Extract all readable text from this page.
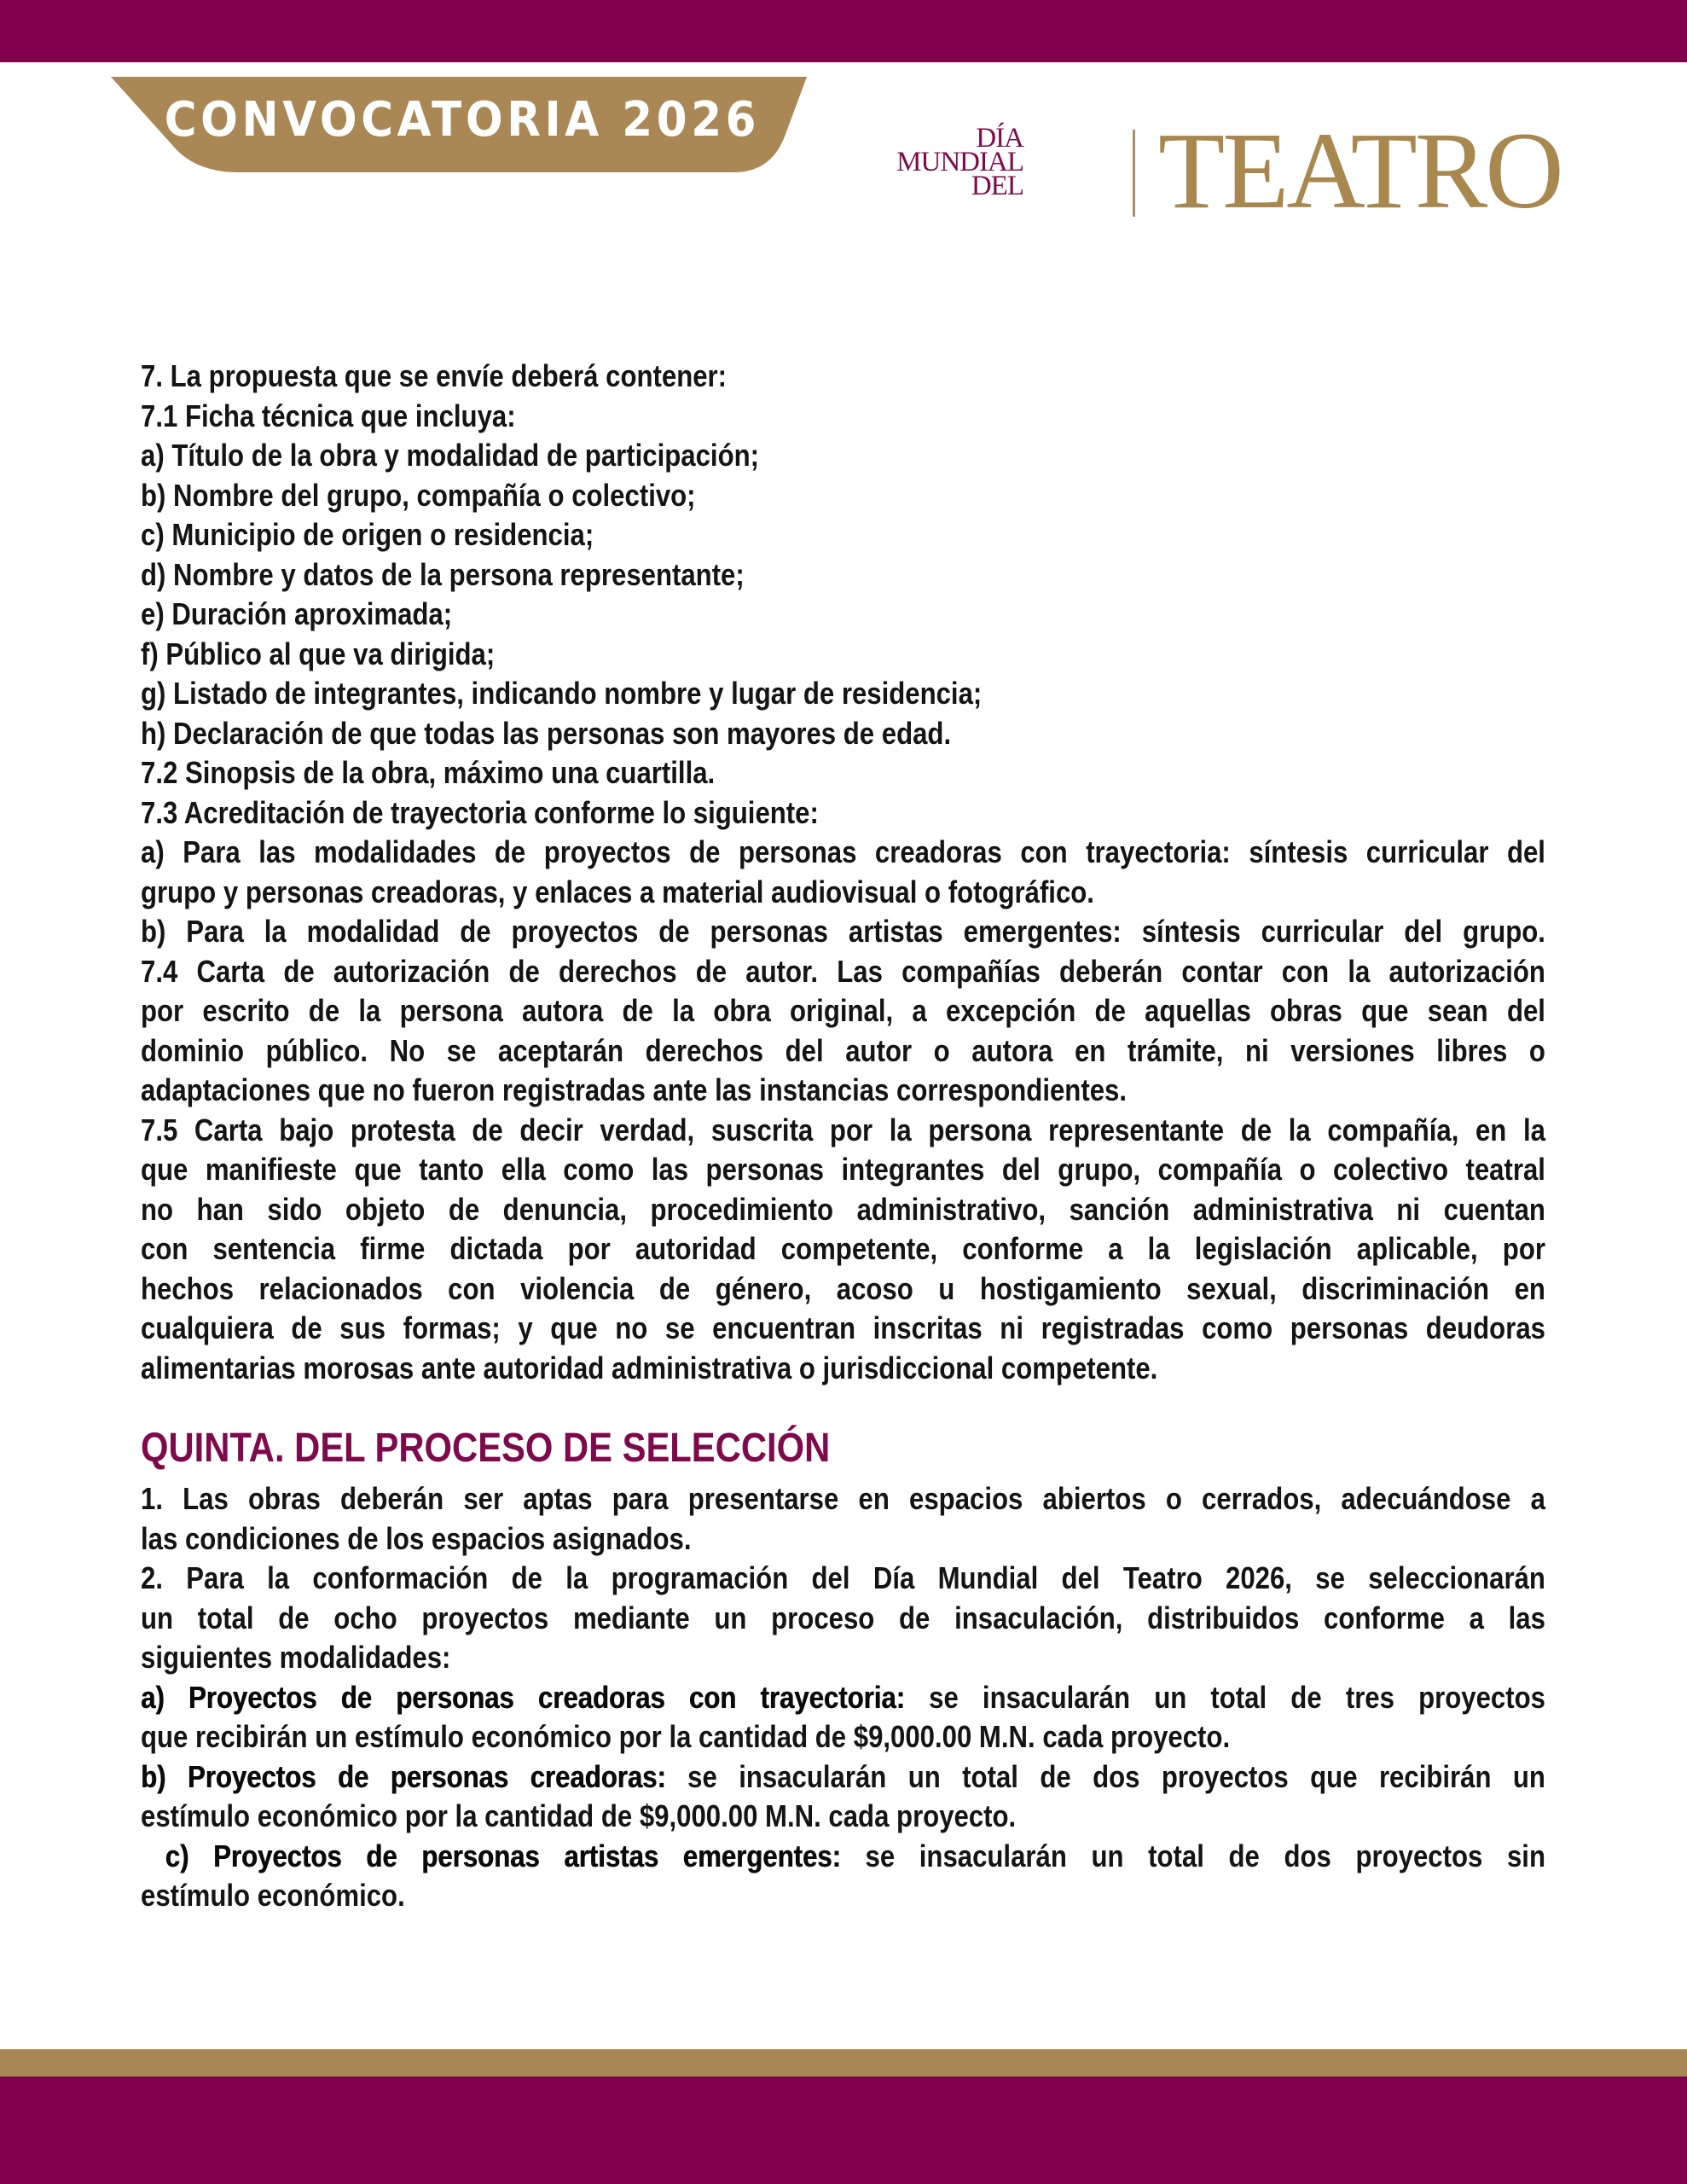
CONVOCATORIA 2026	DÍA
MUNDIAL
DEL TEATRO
7. La propuesta que se envíe deberá contener:
7.1 Ficha técnica que incluya:
a) Título de la obra y modalidad de participación;
b) Nombre del grupo, compañía o colectivo;
c) Municipio de origen o residencia;
d) Nombre y datos de la persona representante;
e) Duración aproximada;
f) Público al que va dirigida;
g) Listado de integrantes, indicando nombre y lugar de residencia;
h) Declaración de que todas las personas son mayores de edad.
7.2 Sinopsis de la obra, máximo una cuartilla.
7.3 Acreditación de trayectoria conforme lo siguiente:
a) Para las modalidades de proyectos de personas creadoras con trayectoria: síntesis curricular del
grupo y personas creadoras, y enlaces a material audiovisual o fotográfico.
b) Para la modalidad de proyectos de personas artistas emergentes: síntesis curricular del grupo.
7.4 Carta de autorización de derechos de autor. Las compañías deberán contar con la autorización
por escrito de la persona autora de la obra original, a excepción de aquellas obras que sean del
dominio público. No se aceptarán derechos del autor o autora en trámite, ni versiones libres o
adaptaciones que no fueron registradas ante las instancias correspondientes.
7.5 Carta bajo protesta de decir verdad, suscrita por la persona representante de la compañía, en la
que manifieste que tanto ella como las personas integrantes del grupo, compañía o colectivo teatral
no han sido objeto de denuncia, procedimiento administrativo, sanción administrativa ni cuentan
con sentencia firme dictada por autoridad competente, conforme a la legislación aplicable, por
hechos relacionados con violencia de género, acoso u hostigamiento sexual, discriminación en
cualquiera de sus formas; y que no se encuentran inscritas ni registradas como personas deudoras
alimentarias morosas ante autoridad administrativa o jurisdiccional competente.
QUINTA. DEL PROCESO DE SELECCIÓN
1. Las obras deberán ser aptas para presentarse en espacios abiertos o cerrados, adecuándose a
las condiciones de los espacios asignados.
2. Para la conformación de la programación del Día Mundial del Teatro 2026, se seleccionarán
un total de ocho proyectos mediante un proceso de insaculación, distribuidos conforme a las
siguientes modalidades:
a) Proyectos de personas creadoras con trayectoria: se insacularán un total de tres proyectos
que recibirán un estímulo económico por la cantidad de $9,000.00 M.N. cada proyecto.
b) Proyectos de personas creadoras: se insacularán un total de dos proyectos que recibirán un
estímulo económico por la cantidad de $9,000.00 M.N. cada proyecto.
c) Proyectos de personas artistas emergentes: se insacularán un total de dos proyectos sin
estímulo económico.
